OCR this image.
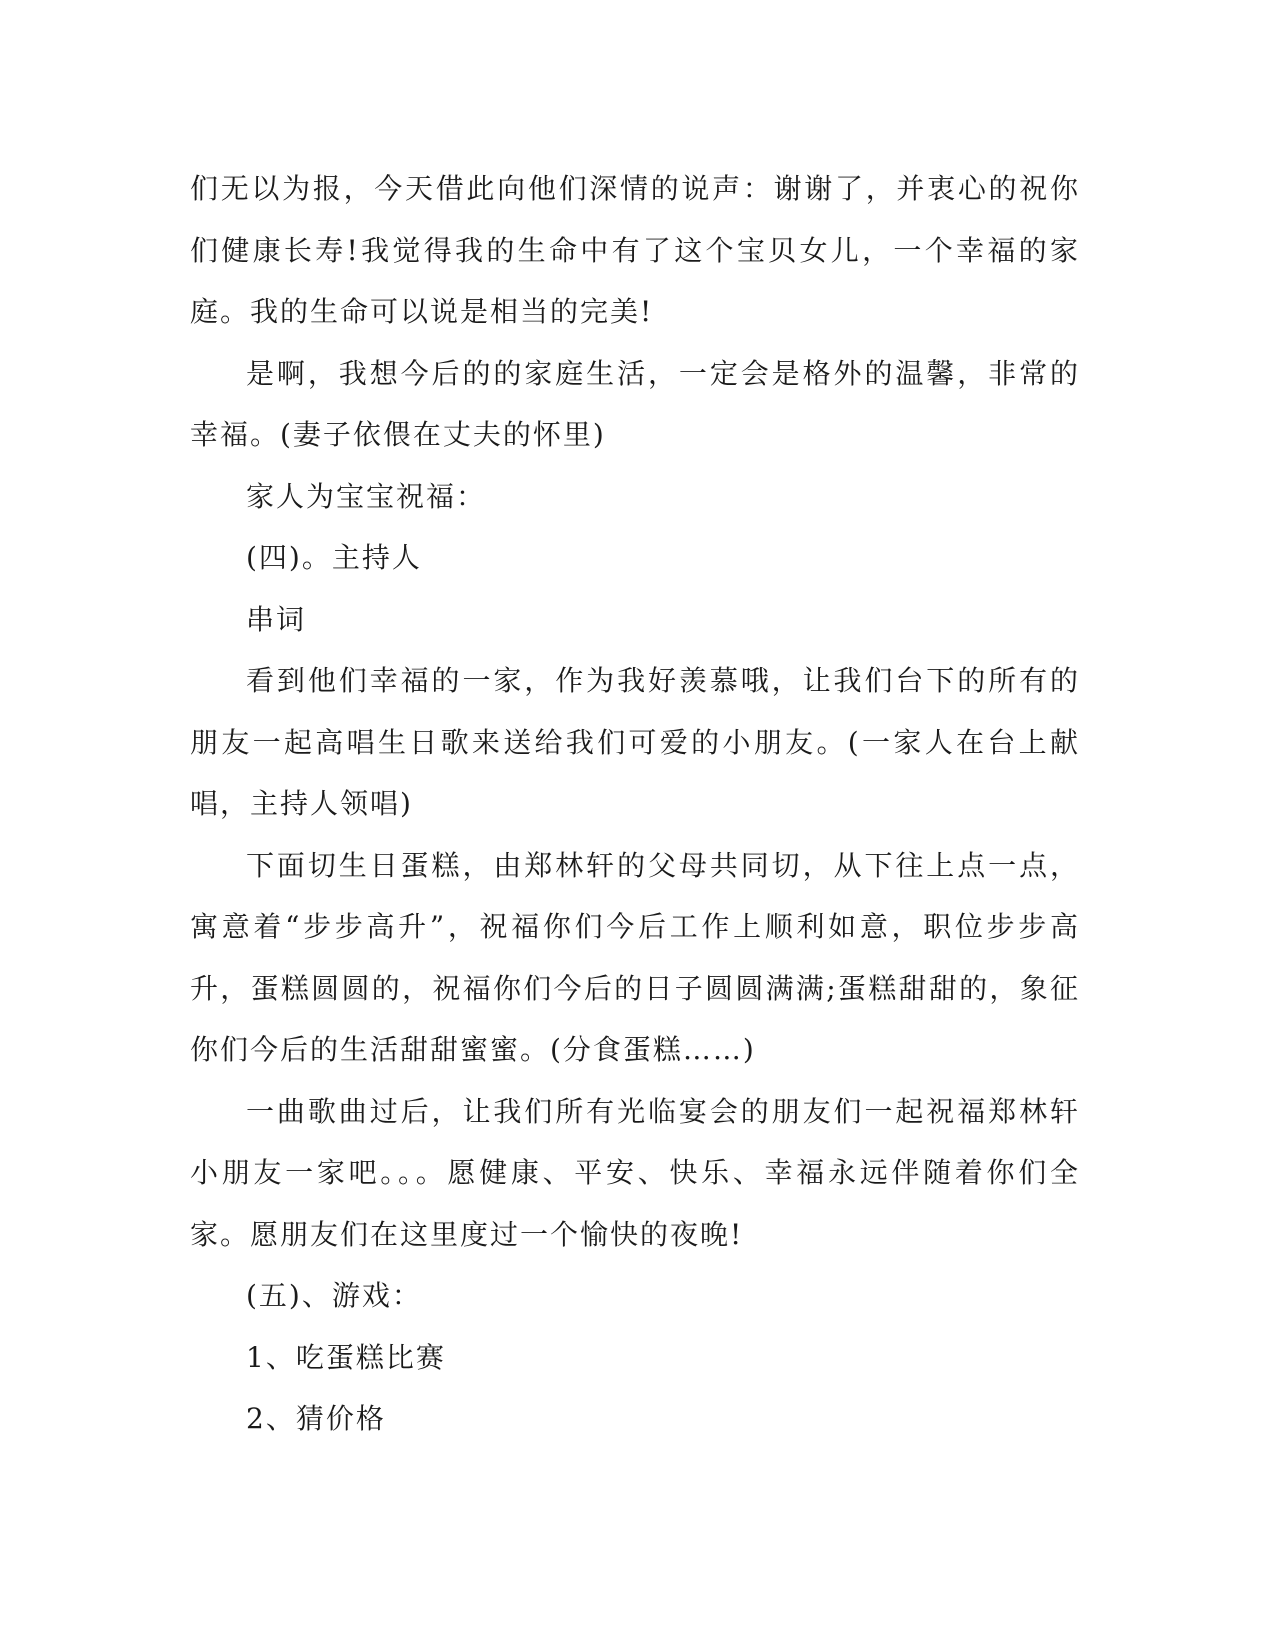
们无以为报，今天借此向他们深情的说声：谢谢了，并衷心的祝你们健康长寿!我觉得我的生命中有了这个宝贝女儿，一个幸福的家庭。我的生命可以说是相当的完美!

是啊，我想今后的的家庭生活，一定会是格外的温馨，非常的幸福。(妻子依偎在丈夫的怀里)

家人为宝宝祝福：

(四)。主持人

串词

看到他们幸福的一家，作为我好羡慕哦，让我们台下的所有的朋友一起高唱生日歌来送给我们可爱的小朋友。(一家人在台上献唱，主持人领唱)

下面切生日蛋糕，由郑林轩的父母共同切，从下往上点一点，寓意着“步步高升”，祝福你们今后工作上顺利如意，职位步步高升，蛋糕圆圆的，祝福你们今后的日子圆圆满满;蛋糕甜甜的，象征你们今后的生活甜甜蜜蜜。(分食蛋糕……)

一曲歌曲过后，让我们所有光临宴会的朋友们一起祝福郑林轩小朋友一家吧。。。愿健康、平安、快乐、幸福永远伴随着你们全家。愿朋友们在这里度过一个愉快的夜晚!

(五)、游戏：

1、吃蛋糕比赛

2、猜价格
